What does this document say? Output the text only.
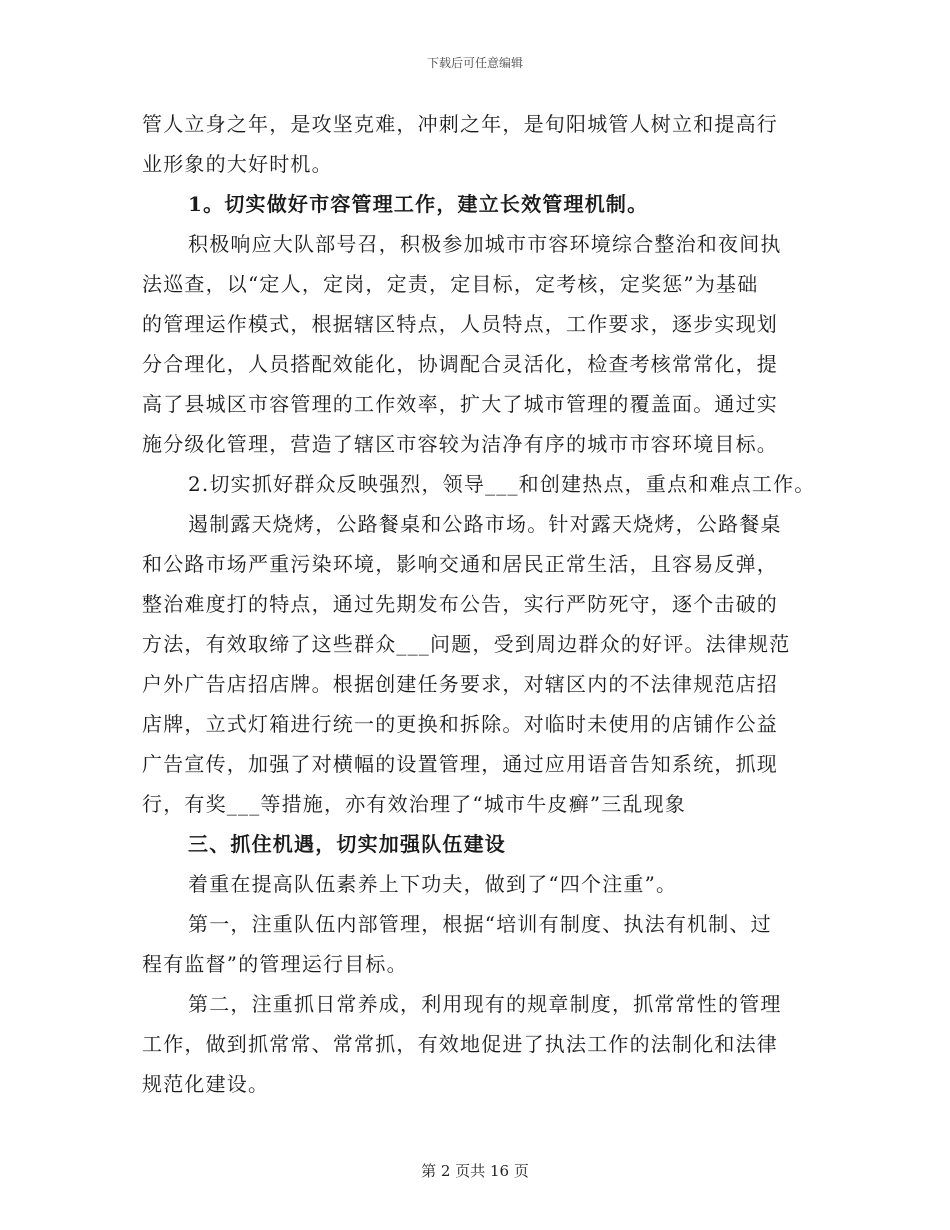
下载后可任意编辑
管人立身之年，是攻坚克难，冲刺之年，是旬阳城管人树立和提高行
业形象的大好时机。
1。切实做好市容管理工作，建立长效管理机制。
积极响应大队部号召，积极参加城市市容环境综合整治和夜间执
法巡查，以“定人，定岗，定责，定目标，定考核，定奖惩”为基础
的管理运作模式，根据辖区特点，人员特点，工作要求，逐步实现划
分合理化，人员搭配效能化，协调配合灵活化，检查考核常常化，提
高了县城区市容管理的工作效率，扩大了城市管理的覆盖面。通过实
施分级化管理，营造了辖区市容较为洁净有序的城市市容环境目标。
2.切实抓好群众反映强烈，领导___和创建热点，重点和难点工作。
遏制露天烧烤，公路餐桌和公路市场。针对露天烧烤，公路餐桌
和公路市场严重污染环境，影响交通和居民正常生活，且容易反弹，
整治难度打的特点，通过先期发布公告，实行严防死守，逐个击破的
方法，有效取缔了这些群众___问题，受到周边群众的好评。法律规范
户外广告店招店牌。根据创建任务要求，对辖区内的不法律规范店招
店牌，立式灯箱进行统一的更换和拆除。对临时未使用的店铺作公益
广告宣传，加强了对横幅的设置管理，通过应用语音告知系统，抓现
行，有奖___等措施，亦有效治理了“城市牛皮癣”三乱现象
三、抓住机遇，切实加强队伍建设
着重在提高队伍素养上下功夫，做到了“四个注重”。
第一，注重队伍内部管理，根据“培训有制度、执法有机制、过
程有监督”的管理运行目标。
第二，注重抓日常养成，利用现有的规章制度，抓常常性的管理
工作，做到抓常常、常常抓，有效地促进了执法工作的法制化和法律
规范化建设。
第 2 页共 16 页
